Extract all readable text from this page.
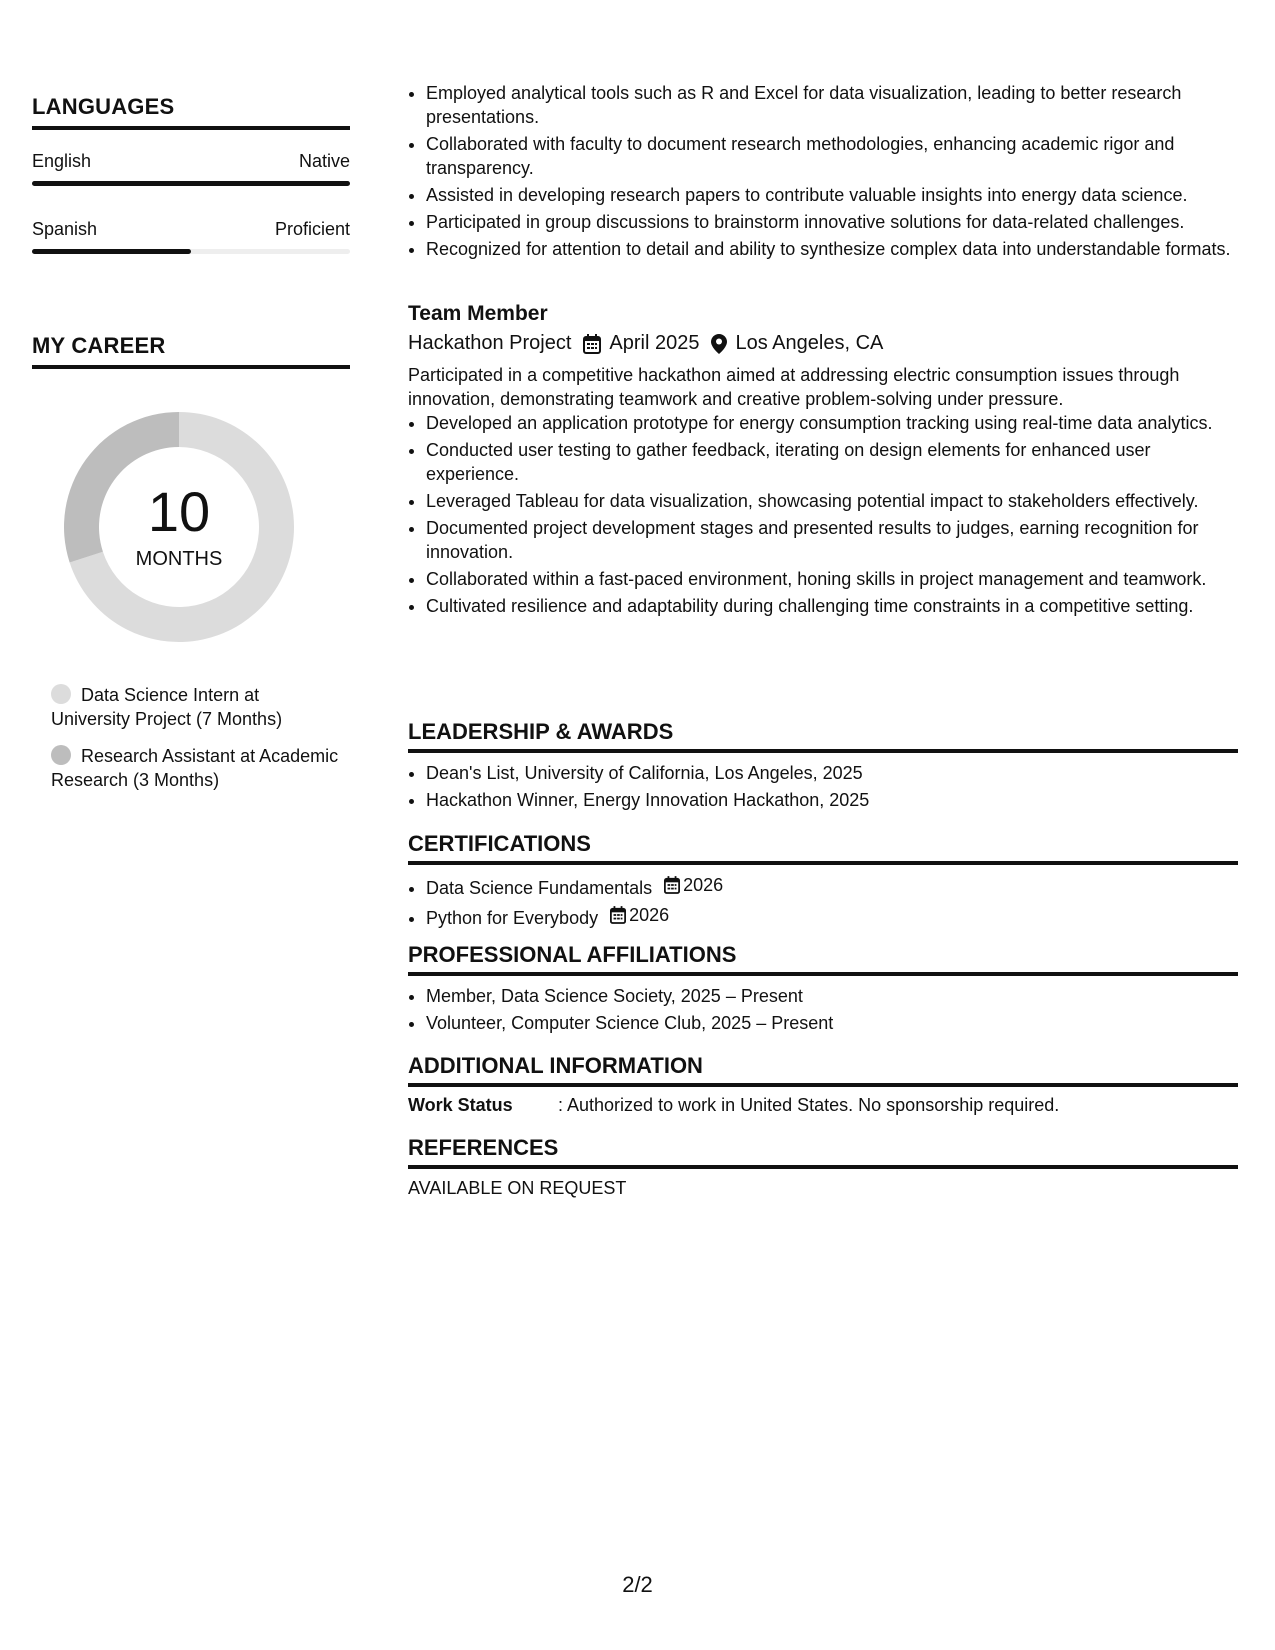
LANGUAGES
English	Native
Spanish	Proficient
MY CAREER
10
MONTHS
Data Science Intern at University Project (7 Months)
Research Assistant at Academic Research (3 Months)
• Employed analytical tools such as R and Excel for data visualization, leading to better research presentations.
• Collaborated with faculty to document research methodologies, enhancing academic rigor and transparency.
• Assisted in developing research papers to contribute valuable insights into energy data science.
• Participated in group discussions to brainstorm innovative solutions for data-related challenges.
• Recognized for attention to detail and ability to synthesize complex data into understandable formats.
Team Member
Hackathon Project April 2025 Los Angeles, CA
Participated in a competitive hackathon aimed at addressing electric consumption issues through innovation, demonstrating teamwork and creative problem-solving under pressure.
• Developed an application prototype for energy consumption tracking using real-time data analytics.
• Conducted user testing to gather feedback, iterating on design elements for enhanced user experience.
• Leveraged Tableau for data visualization, showcasing potential impact to stakeholders effectively.
• Documented project development stages and presented results to judges, earning recognition for innovation.
• Collaborated within a fast-paced environment, honing skills in project management and teamwork.
• Cultivated resilience and adaptability during challenging time constraints in a competitive setting.
LEADERSHIP & AWARDS
• Dean's List, University of California, Los Angeles, 2025
• Hackathon Winner, Energy Innovation Hackathon, 2025
CERTIFICATIONS
• Data Science Fundamentals 2026
• Python for Everybody 2026
PROFESSIONAL AFFILIATIONS
• Member, Data Science Society, 2025 – Present
• Volunteer, Computer Science Club, 2025 – Present
ADDITIONAL INFORMATION
Work Status	: Authorized to work in United States. No sponsorship required.
REFERENCES
AVAILABLE ON REQUEST
2/2
